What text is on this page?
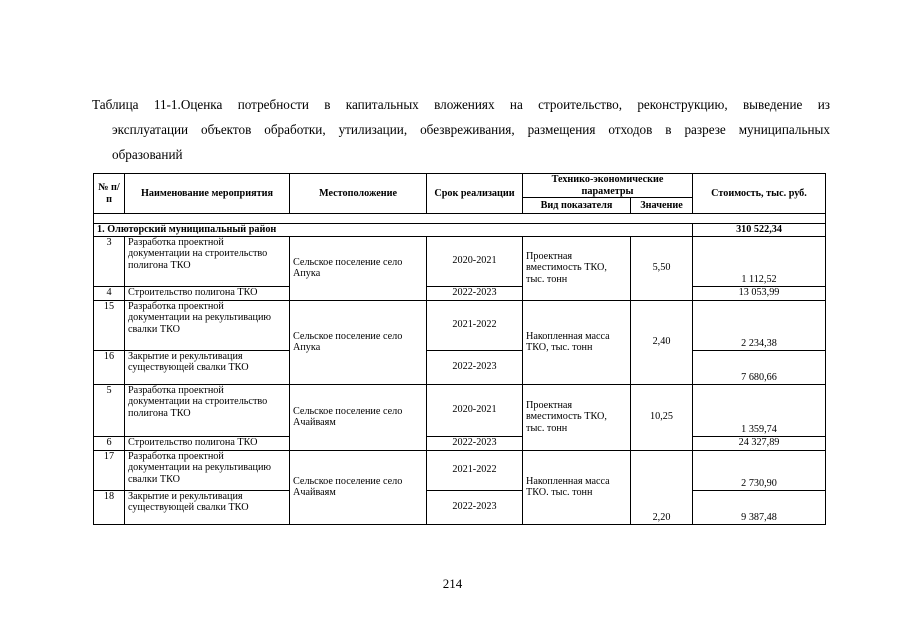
Таблица 11-1.Оценка потребности в капитальных вложениях на строительство, реконструкцию, выведение из
эксплуатации объектов обработки, утилизации, обезвреживания, размещения отходов в разрезе муниципальных
образований
№ п/п	Наименование мероприятия	Местоположение	Срок реализации	Технико-экономические параметры		Стоимость, тыс. руб.
				Вид показателя	Значение	

1. Олюторский муниципальный район						310 522,34
3	Разработка проектной документации на строительство полигона ТКО	Сельское поселение село Апука	2020-2021	Проектная вместимость ТКО, тыс. тонн	5,50	1 112,52
4	Строительство полигона ТКО		2022-2023			13 053,99
15	Разработка проектной документации на рекультивацию свалки ТКО	Сельское поселение село Апука	2021-2022	Накопленная масса ТКО, тыс. тонн	2,40	2 234,38
16	Закрытие и рекультивация существующей свалки ТКО		2022-2023			7 680,66
5	Разработка проектной документации на строительство полигона ТКО	Сельское поселение село Ачайваям	2020-2021	Проектная вместимость ТКО, тыс. тонн	10,25	1 359,74
6	Строительство полигона ТКО		2022-2023			24 327,89
17	Разработка проектной документации на рекультивацию свалки ТКО	Сельское поселение село Ачайваям	2021-2022	Накопленная масса ТКО. тыс. тонн	2,20	2 730,90
18	Закрытие и рекультивация существующей свалки ТКО		2022-2023			9 387,48
214
